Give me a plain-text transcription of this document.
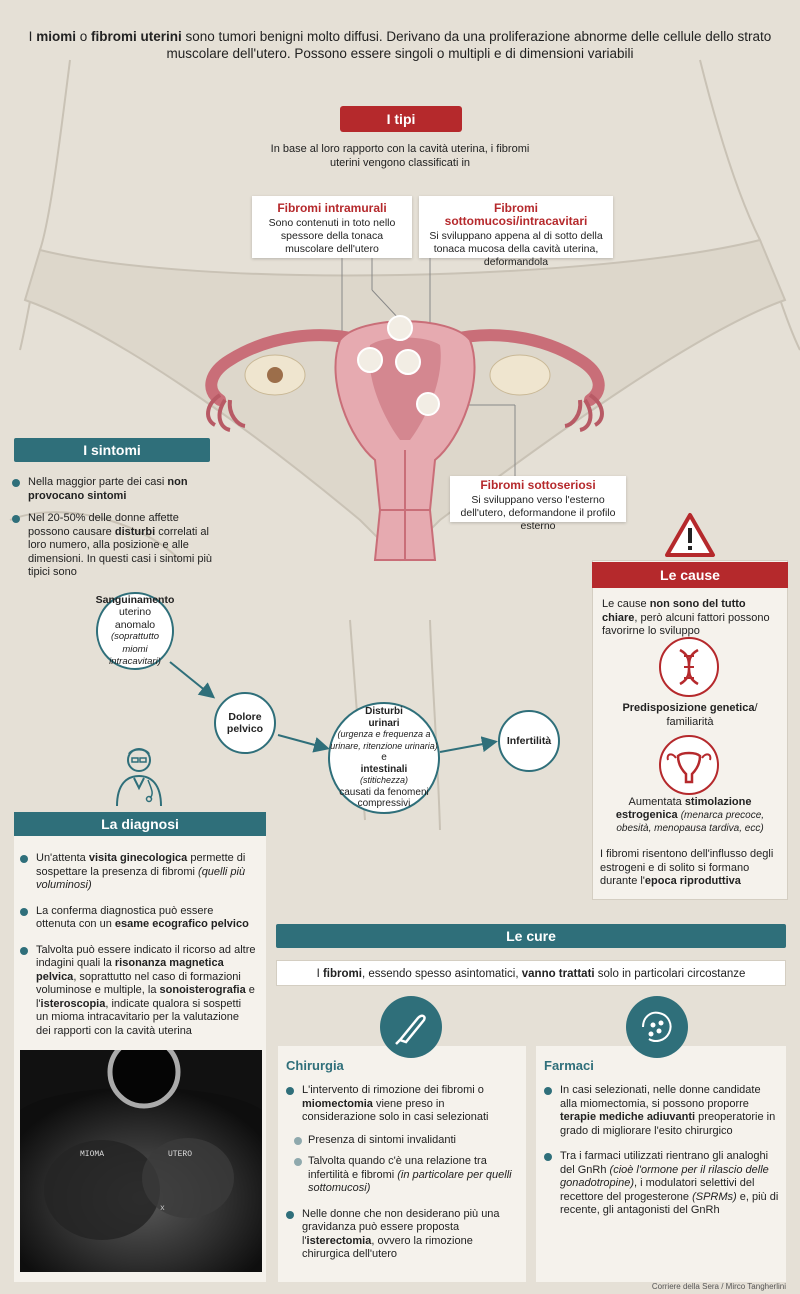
I miomi o fibromi uterini sono tumori benigni molto diffusi. Derivano da una proliferazione abnorme delle cellule dello strato muscolare dell'utero. Possono essere singoli o multipli e di dimensioni variabili
I tipi
In base al loro rapporto con la cavità uterina, i fibromi uterini vengono classificati in
Fibromi intramurali
Sono contenuti in toto nello spessore della tonaca muscolare dell'utero
Fibromi sottomucosi/intracavitari
Si sviluppano appena al di sotto della tonaca mucosa della cavità uterina, deformandola
Fibromi sottoseriosi
Si sviluppano verso l'esterno dell'utero, deformandone il profilo esterno
I sintomi
Nella maggior parte dei casi non provocano sintomi
Nel 20-50% delle donne affette possono causare disturbi correlati al loro numero, alla posizione e alle dimensioni. In questi casi i sintomi più tipici sono
Sanguinamento
uterino anomalo
(soprattutto miomi intracavitari)
Dolore pelvico
Disturbi
urinari
(urgenza e frequenza a urinare, ritenzione urinaria)
e
intestinali
(stitichezza)
causati da fenomeni compressivi
Infertilità
Le cause
Le cause non sono del tutto chiare, però alcuni fattori possono favorirne lo sviluppo
Predisposizione genetica/ familiarità
Aumentata stimolazione estrogenica (menarca precoce, obesità, menopausa tardiva, ecc)
I fibromi risentono dell'influsso degli estrogeni e di solito si formano durante l'epoca riproduttiva
La diagnosi
Un'attenta visita ginecologica permette di sospettare la presenza di fibromi (quelli più voluminosi)
La conferma diagnostica può essere ottenuta con un esame ecografico pelvico
Talvolta può essere indicato il ricorso ad altre indagini quali la risonanza magnetica pelvica, soprattutto nel caso di formazioni voluminose e multiple, la sonoisterografia e l'isteroscopia, indicate qualora si sospetti un mioma intracavitario per la valutazione dei rapporti con la cavità uterina
MIOMA	UTERO
x
Le cure
I fibromi, essendo spesso asintomatici, vanno trattati solo in particolari circostanze
Chirurgia
L'intervento di rimozione dei fibromi o miomectomia viene preso in considerazione solo in casi selezionati
Presenza di sintomi invalidanti
Talvolta quando c'è una relazione tra infertilità e fibromi (in particolare per quelli sottomucosi)
Nelle donne che non desiderano più una gravidanza può essere proposta l'isterectomia, ovvero la rimozione chirurgica dell'utero
Farmaci
In casi selezionati, nelle donne candidate alla miomectomia, si possono proporre terapie mediche adiuvanti preoperatorie in grado di migliorare l'esito chirurgico
Tra i farmaci utilizzati rientrano gli analoghi del GnRh (cioè l'ormone per il rilascio delle gonadotropine), i modulatori selettivi del recettore del progesterone (SPRMs) e, più di recente, gli antagonisti del GnRh
Corriere della Sera / Mirco Tangherlini
